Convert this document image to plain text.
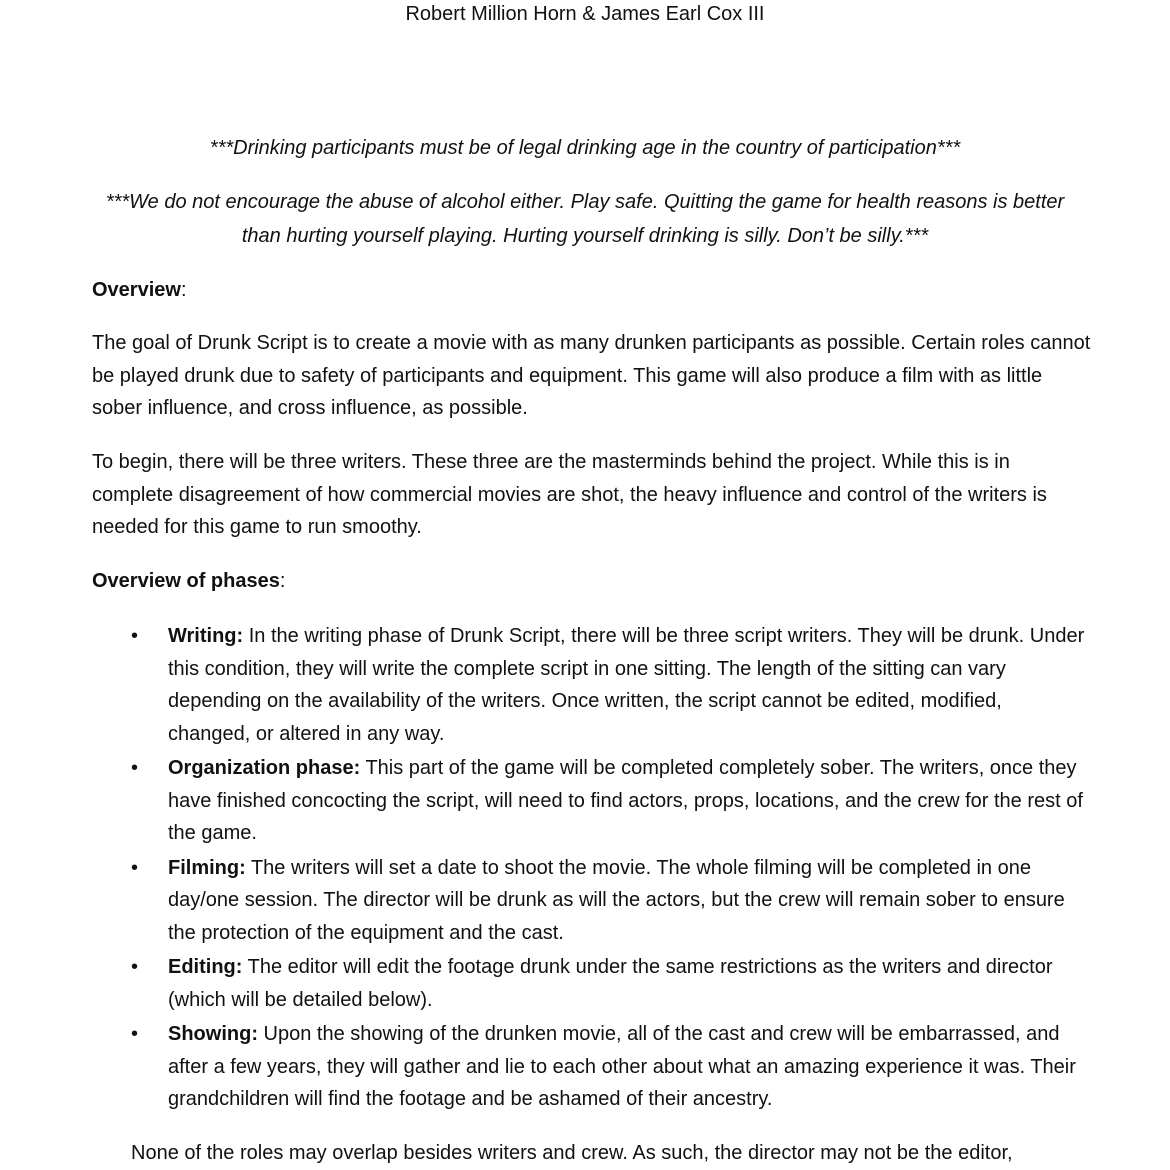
Robert Million Horn & James Earl Cox III
***Drinking participants must be of legal drinking age in the country of participation***
***We do not encourage the abuse of alcohol either. Play safe. Quitting the game for health reasons is better than hurting yourself playing. Hurting yourself drinking is silly. Don’t be silly.***
Overview:
The goal of Drunk Script is to create a movie with as many drunken participants as possible. Certain roles cannot be played drunk due to safety of participants and equipment. This game will also produce a film with as little sober influence, and cross influence, as possible.
To begin, there will be three writers. These three are the masterminds behind the project. While this is in complete disagreement of how commercial movies are shot, the heavy influence and control of the writers is needed for this game to run smoothy.
Overview of phases:
• Writing: In the writing phase of Drunk Script, there will be three script writers. They will be drunk. Under this condition, they will write the complete script in one sitting. The length of the sitting can vary depending on the availability of the writers. Once written, the script cannot be edited, modified, changed, or altered in any way.
• Organization phase: This part of the game will be completed completely sober. The writers, once they have finished concocting the script, will need to find actors, props, locations, and the crew for the rest of the game.
• Filming: The writers will set a date to shoot the movie. The whole filming will be completed in one day/one session. The director will be drunk as will the actors, but the crew will remain sober to ensure the protection of the equipment and the cast.
• Editing: The editor will edit the footage drunk under the same restrictions as the writers and director (which will be detailed below).
• Showing: Upon the showing of the drunken movie, all of the cast and crew will be embarrassed, and after a few years, they will gather and lie to each other about what an amazing experience it was. Their grandchildren will find the footage and be ashamed of their ancestry.
None of the roles may overlap besides writers and crew. As such, the director may not be the editor,
